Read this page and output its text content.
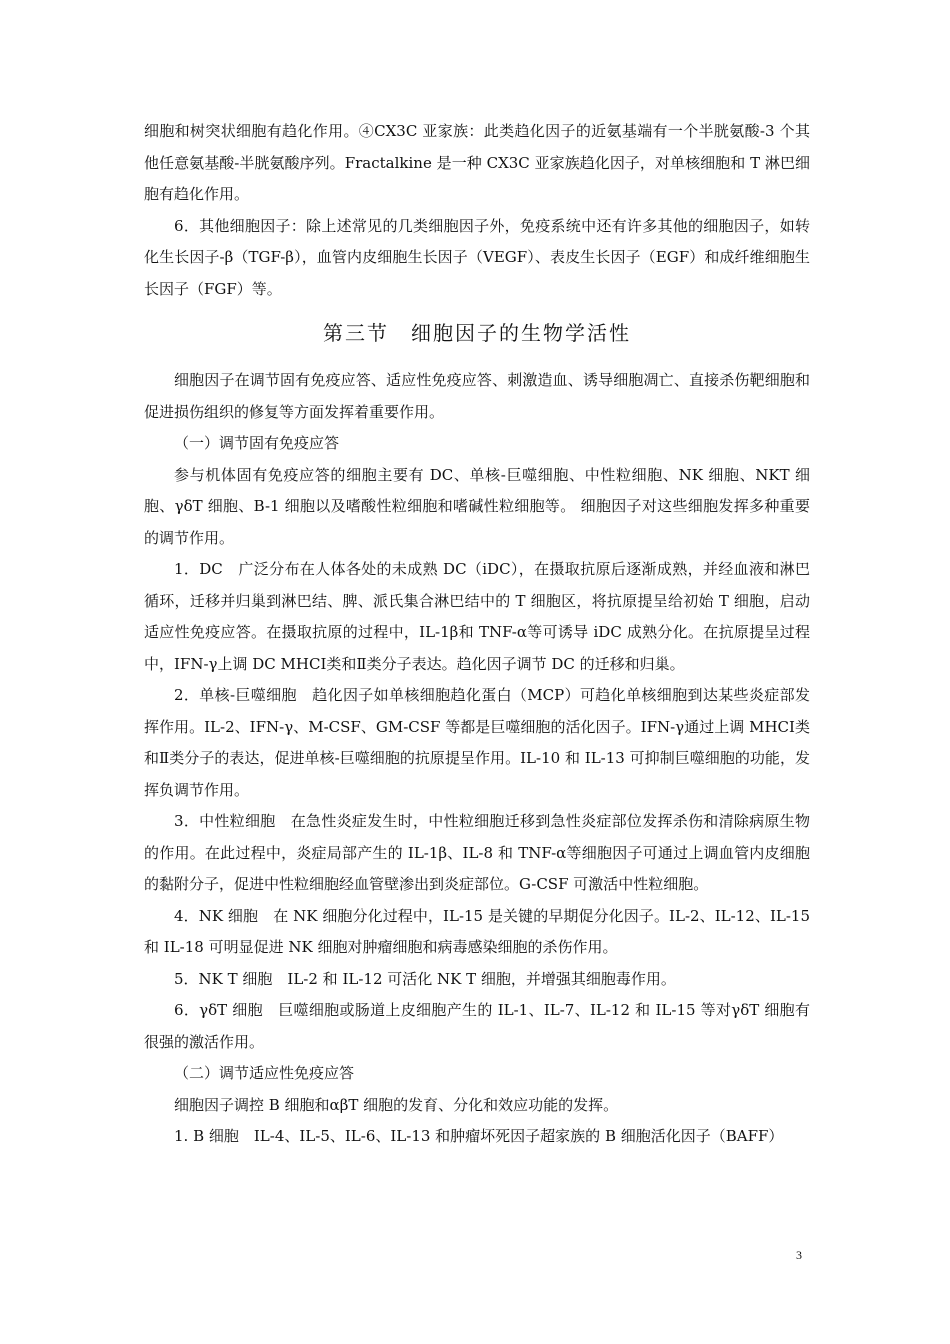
细胞和树突状细胞有趋化作用。④CX3C 亚家族：此类趋化因子的近氨基端有一个半胱氨酸-3 个其他任意氨基酸-半胱氨酸序列。Fractalkine 是一种 CX3C 亚家族趋化因子，对单核细胞和 T 淋巴细胞有趋化作用。

6．其他细胞因子：除上述常见的几类细胞因子外，免疫系统中还有许多其他的细胞因子，如转化生长因子-β（TGF-β），血管内皮细胞生长因子（VEGF）、表皮生长因子（EGF）和成纤维细胞生长因子（FGF）等。

第三节　细胞因子的生物学活性

细胞因子在调节固有免疫应答、适应性免疫应答、刺激造血、诱导细胞凋亡、直接杀伤靶细胞和促进损伤组织的修复等方面发挥着重要作用。

（一）调节固有免疫应答

参与机体固有免疫应答的细胞主要有 DC、单核-巨噬细胞、中性粒细胞、NK 细胞、NKT 细胞、γδT 细胞、B-1 细胞以及嗜酸性粒细胞和嗜碱性粒细胞等。 细胞因子对这些细胞发挥多种重要的调节作用。

1．DC　广泛分布在人体各处的未成熟 DC（iDC），在摄取抗原后逐渐成熟，并经血液和淋巴循环，迁移并归巢到淋巴结、脾、派氏集合淋巴结中的 T 细胞区，将抗原提呈给初始 T 细胞，启动适应性免疫应答。在摄取抗原的过程中，IL-1β和 TNF-α等可诱导 iDC 成熟分化。在抗原提呈过程中，IFN-γ上调 DC MHCⅠ类和Ⅱ类分子表达。趋化因子调节 DC 的迁移和归巢。

2．单核-巨噬细胞　趋化因子如单核细胞趋化蛋白（MCP）可趋化单核细胞到达某些炎症部发挥作用。IL-2、IFN-γ、M-CSF、GM-CSF 等都是巨噬细胞的活化因子。IFN-γ通过上调 MHCⅠ类和Ⅱ类分子的表达，促进单核-巨噬细胞的抗原提呈作用。IL-10 和 IL-13 可抑制巨噬细胞的功能，发挥负调节作用。

3．中性粒细胞　在急性炎症发生时，中性粒细胞迁移到急性炎症部位发挥杀伤和清除病原生物的作用。在此过程中，炎症局部产生的 IL-1β、IL-8 和 TNF-α等细胞因子可通过上调血管内皮细胞的黏附分子，促进中性粒细胞经血管壁渗出到炎症部位。G-CSF 可激活中性粒细胞。

4．NK 细胞　在 NK 细胞分化过程中，IL-15 是关键的早期促分化因子。IL-2、IL-12、IL-15 和 IL-18 可明显促进 NK 细胞对肿瘤细胞和病毒感染细胞的杀伤作用。

5．NK T 细胞　IL-2 和 IL-12 可活化 NK T 细胞，并增强其细胞毒作用。

6．γδT 细胞　巨噬细胞或肠道上皮细胞产生的 IL-1、IL-7、IL-12 和 IL-15 等对γδT 细胞有很强的激活作用。

（二）调节适应性免疫应答

细胞因子调控 B 细胞和αβT 细胞的发育、分化和效应功能的发挥。

1. B 细胞　IL-4、IL-5、IL-6、IL-13 和肿瘤坏死因子超家族的 B 细胞活化因子（BAFF）

3
